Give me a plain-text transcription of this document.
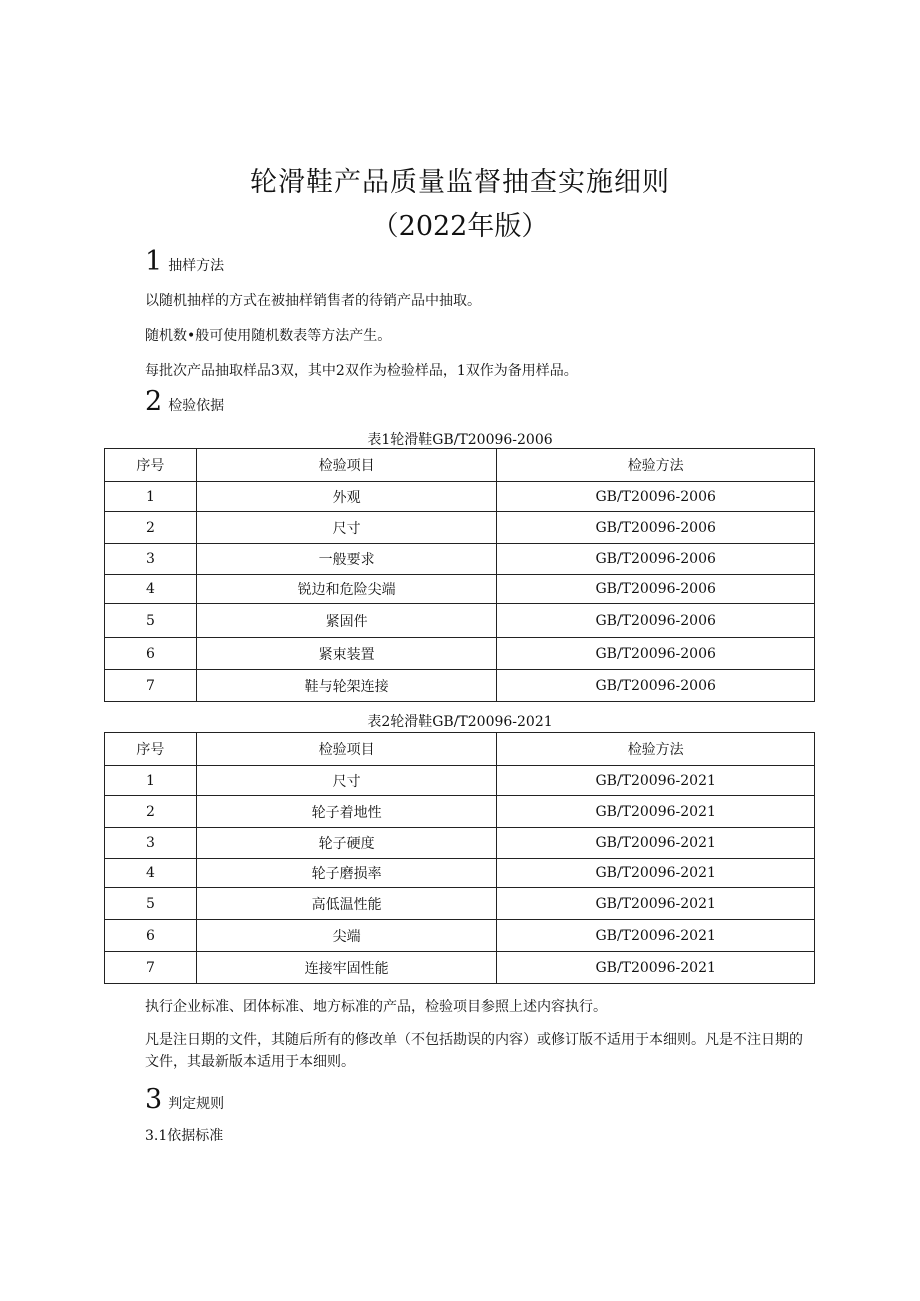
轮滑鞋产品质量监督抽查实施细则
（2022年版）
1 抽样方法
以随机抽样的方式在被抽样销售者的待销产品中抽取。
随机数•般可使用随机数表等方法产生。
每批次产品抽取样品3双，其中2双作为检验样品，1双作为备用样品。
2 检验依据
表1轮滑鞋GB/T20096-2006
序号	检验项目	检验方法
1	外观	GB/T20096-2006
2	尺寸	GB/T20096-2006
3	一般要求	GB/T20096-2006
4	锐边和危险尖端	GB/T20096-2006
5	紧固件	GB/T20096-2006
6	紧束装置	GB/T20096-2006
7	鞋与轮架连接	GB/T20096-2006
表2轮滑鞋GB/T20096-2021
序号	检验项目	检验方法
1	尺寸	GB/T20096-2021
2	轮子着地性	GB/T20096-2021
3	轮子硬度	GB/T20096-2021
4	轮子磨损率	GB/T20096-2021
5	高低温性能	GB/T20096-2021
6	尖端	GB/T20096-2021
7	连接牢固性能	GB/T20096-2021
执行企业标准、团体标准、地方标准的产品，检验项目参照上述内容执行。
凡是注日期的文件，其随后所有的修改单（不包括勘误的内容）或修订版不适用于本细则。凡是不注日期的文件，其最新版本适用于本细则。
3 判定规则
3.1依据标准
